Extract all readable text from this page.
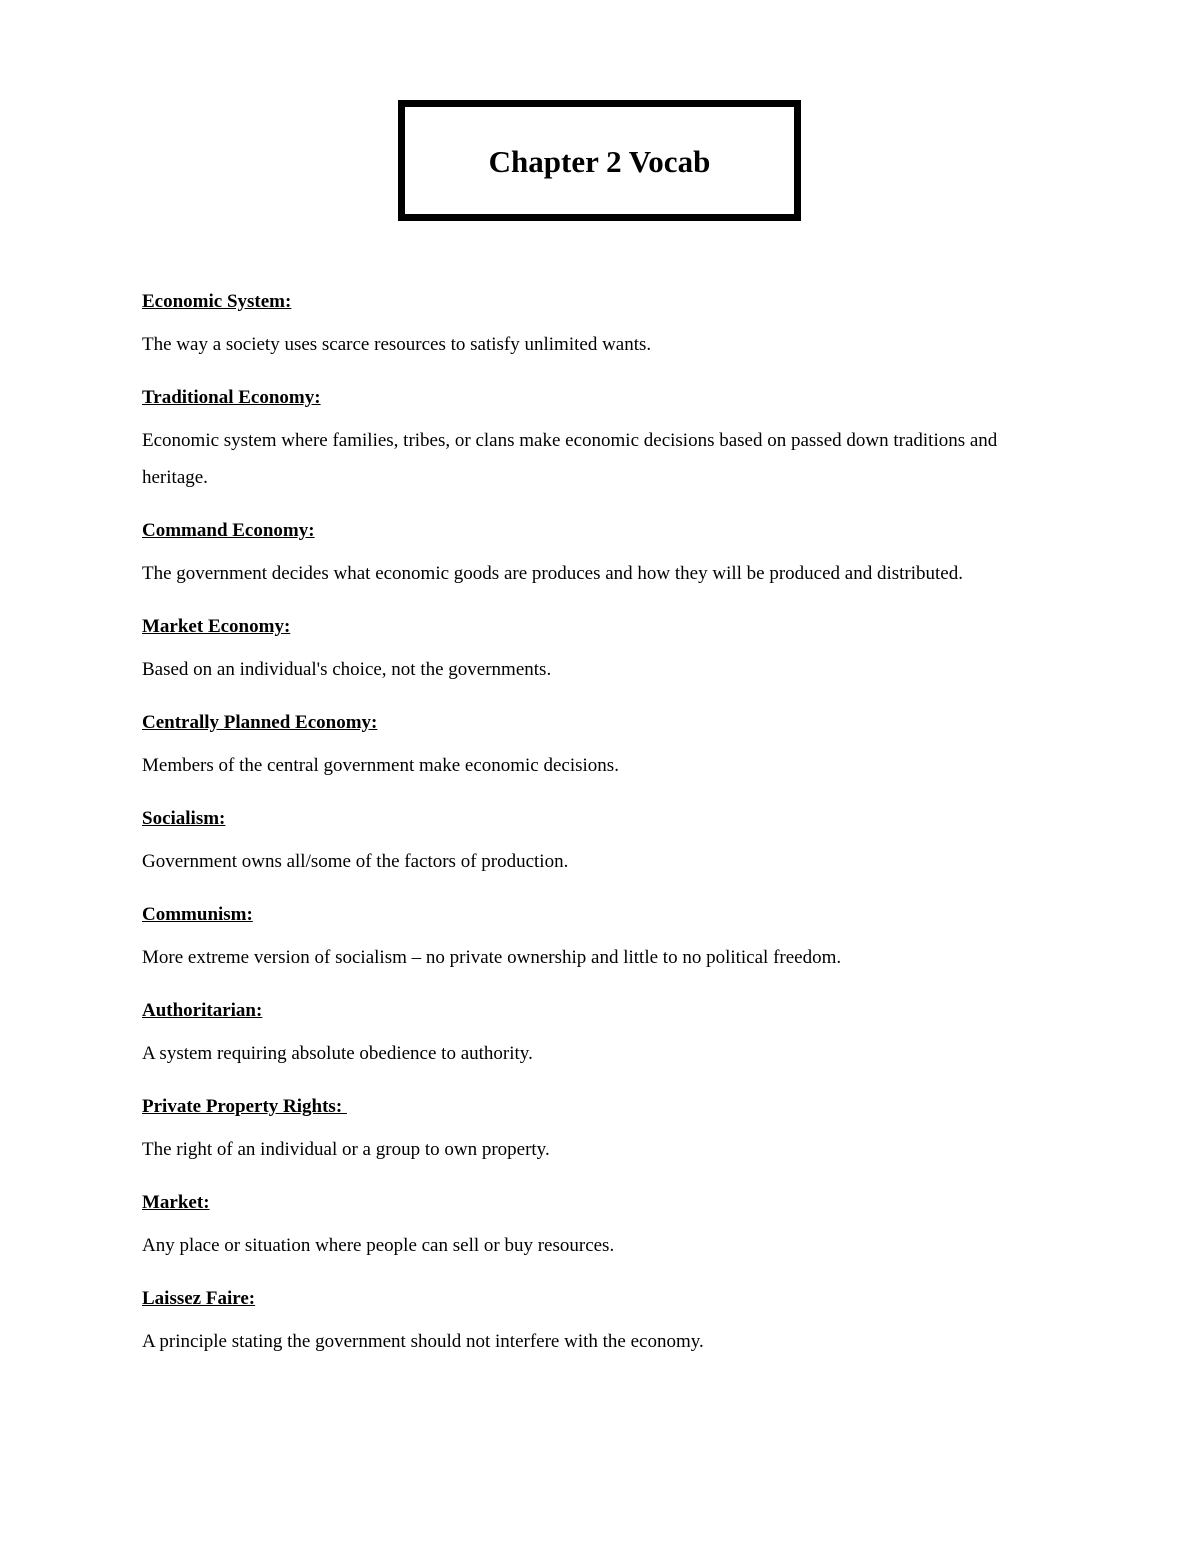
Chapter 2 Vocab
Economic System:

The way a society uses scarce resources to satisfy unlimited wants.

Traditional Economy:

Economic system where families, tribes, or clans make economic decisions based on passed down traditions and heritage.

Command Economy:

The government decides what economic goods are produces and how they will be produced and distributed.

Market Economy:

Based on an individual's choice, not the governments.

Centrally Planned Economy:

Members of the central government make economic decisions.

Socialism:

Government owns all/some of the factors of production.

Communism:

More extreme version of socialism – no private ownership and little to no political freedom.

Authoritarian:

A system requiring absolute obedience to authority.

Private Property Rights:

The right of an individual or a group to own property.

Market:

Any place or situation where people can sell or buy resources.

Laissez Faire:

A principle stating the government should not interfere with the economy.
